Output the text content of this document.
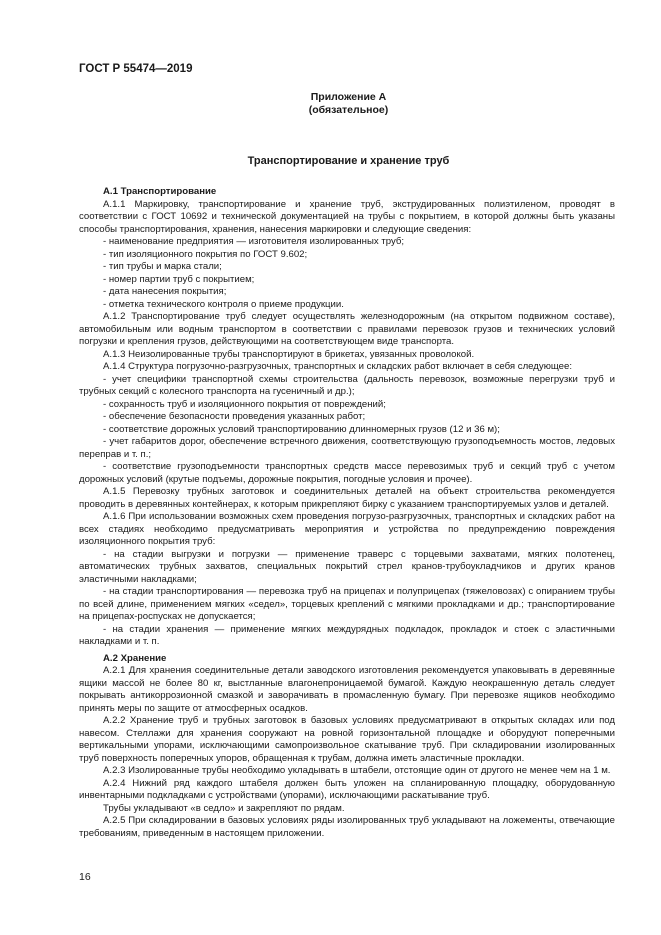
ГОСТ Р 55474—2019
Приложение А
(обязательное)
Транспортирование и хранение труб

А.1 Транспортирование

А.1.1 Маркировку, транспортирование и хранение труб, экструдированных полиэтиленом, проводят в соответствии с ГОСТ 10692 и технической документацией на трубы с покрытием, в которой должны быть указаны способы транспортирования, хранения, нанесения маркировки и следующие сведения:

- наименование предприятия — изготовителя изолированных труб;

- тип изоляционного покрытия по ГОСТ 9.602;

- тип трубы и марка стали;

- номер партии труб с покрытием;

- дата нанесения покрытия;

- отметка технического контроля о приеме продукции.

А.1.2 Транспортирование труб следует осуществлять железнодорожным (на открытом подвижном составе), автомобильным или водным транспортом в соответствии с правилами перевозок грузов и технических условий погрузки и крепления грузов, действующими на соответствующем виде транспорта.

А.1.3 Неизолированные трубы транспортируют в брикетах, увязанных проволокой.

А.1.4 Структура погрузочно-разгрузочных, транспортных и складских работ включает в себя следующее:

- учет специфики транспортной схемы строительства (дальность перевозок, возможные перегрузки труб и трубных секций с колесного транспорта на гусеничный и др.);

- сохранность труб и изоляционного покрытия от повреждений;

- обеспечение безопасности проведения указанных работ;

- соответствие дорожных условий транспортированию длинномерных грузов (12 и 36 м);

- учет габаритов дорог, обеспечение встречного движения, соответствующую грузоподъемность мостов, ледовых переправ и т. п.;

- соответствие грузоподъемности транспортных средств массе перевозимых труб и секций труб с учетом дорожных условий (крутые подъемы, дорожные покрытия, погодные условия и прочее).

А.1.5 Перевозку трубных заготовок и соединительных деталей на объект строительства рекомендуется проводить в деревянных контейнерах, к которым прикрепляют бирку с указанием транспортируемых узлов и деталей.

А.1.6 При использовании возможных схем проведения погрузо-разгрузочных, транспортных и складских работ на всех стадиях необходимо предусматривать мероприятия и устройства по предупреждению повреждения изоляционного покрытия труб:

- на стадии выгрузки и погрузки — применение траверс с торцевыми захватами, мягких полотенец, автоматических трубных захватов, специальных покрытий стрел кранов-трубоукладчиков и других кранов эластичными накладками;

- на стадии транспортирования — перевозка труб на прицепах и полуприцепах (тяжеловозах) с опиранием трубы по всей длине, применением мягких «седел», торцевых креплений с мягкими прокладками и др.; транспортирование на прицепах-роспусках не допускается;

- на стадии хранения — применение мягких междурядных подкладок, прокладок и стоек с эластичными накладками и т. п.

А.2 Хранение

А.2.1 Для хранения соединительные детали заводского изготовления рекомендуется упаковывать в деревянные ящики массой не более 80 кг, выстланные влагонепроницаемой бумагой. Каждую неокрашенную деталь следует покрывать антикоррозионной смазкой и заворачивать в промасленную бумагу. При перевозке ящиков необходимо принять меры по защите от атмосферных осадков.

А.2.2 Хранение труб и трубных заготовок в базовых условиях предусматривают в открытых складах или под навесом. Стеллажи для хранения сооружают на ровной горизонтальной площадке и оборудуют поперечными вертикальными упорами, исключающими самопроизвольное скатывание труб. При складировании изолированных труб поверхность поперечных упоров, обращенная к трубам, должна иметь эластичные прокладки.

А.2.3 Изолированные трубы необходимо укладывать в штабели, отстоящие один от другого не менее чем на 1 м.

А.2.4 Нижний ряд каждого штабеля должен быть уложен на спланированную площадку, оборудованную инвентарными подкладками с устройствами (упорами), исключающими раскатывание труб.

Трубы укладывают «в седло» и закрепляют по рядам.

А.2.5 При складировании в базовых условиях ряды изолированных труб укладывают на ложементы, отвечающие требованиям, приведенным в настоящем приложении.

16
